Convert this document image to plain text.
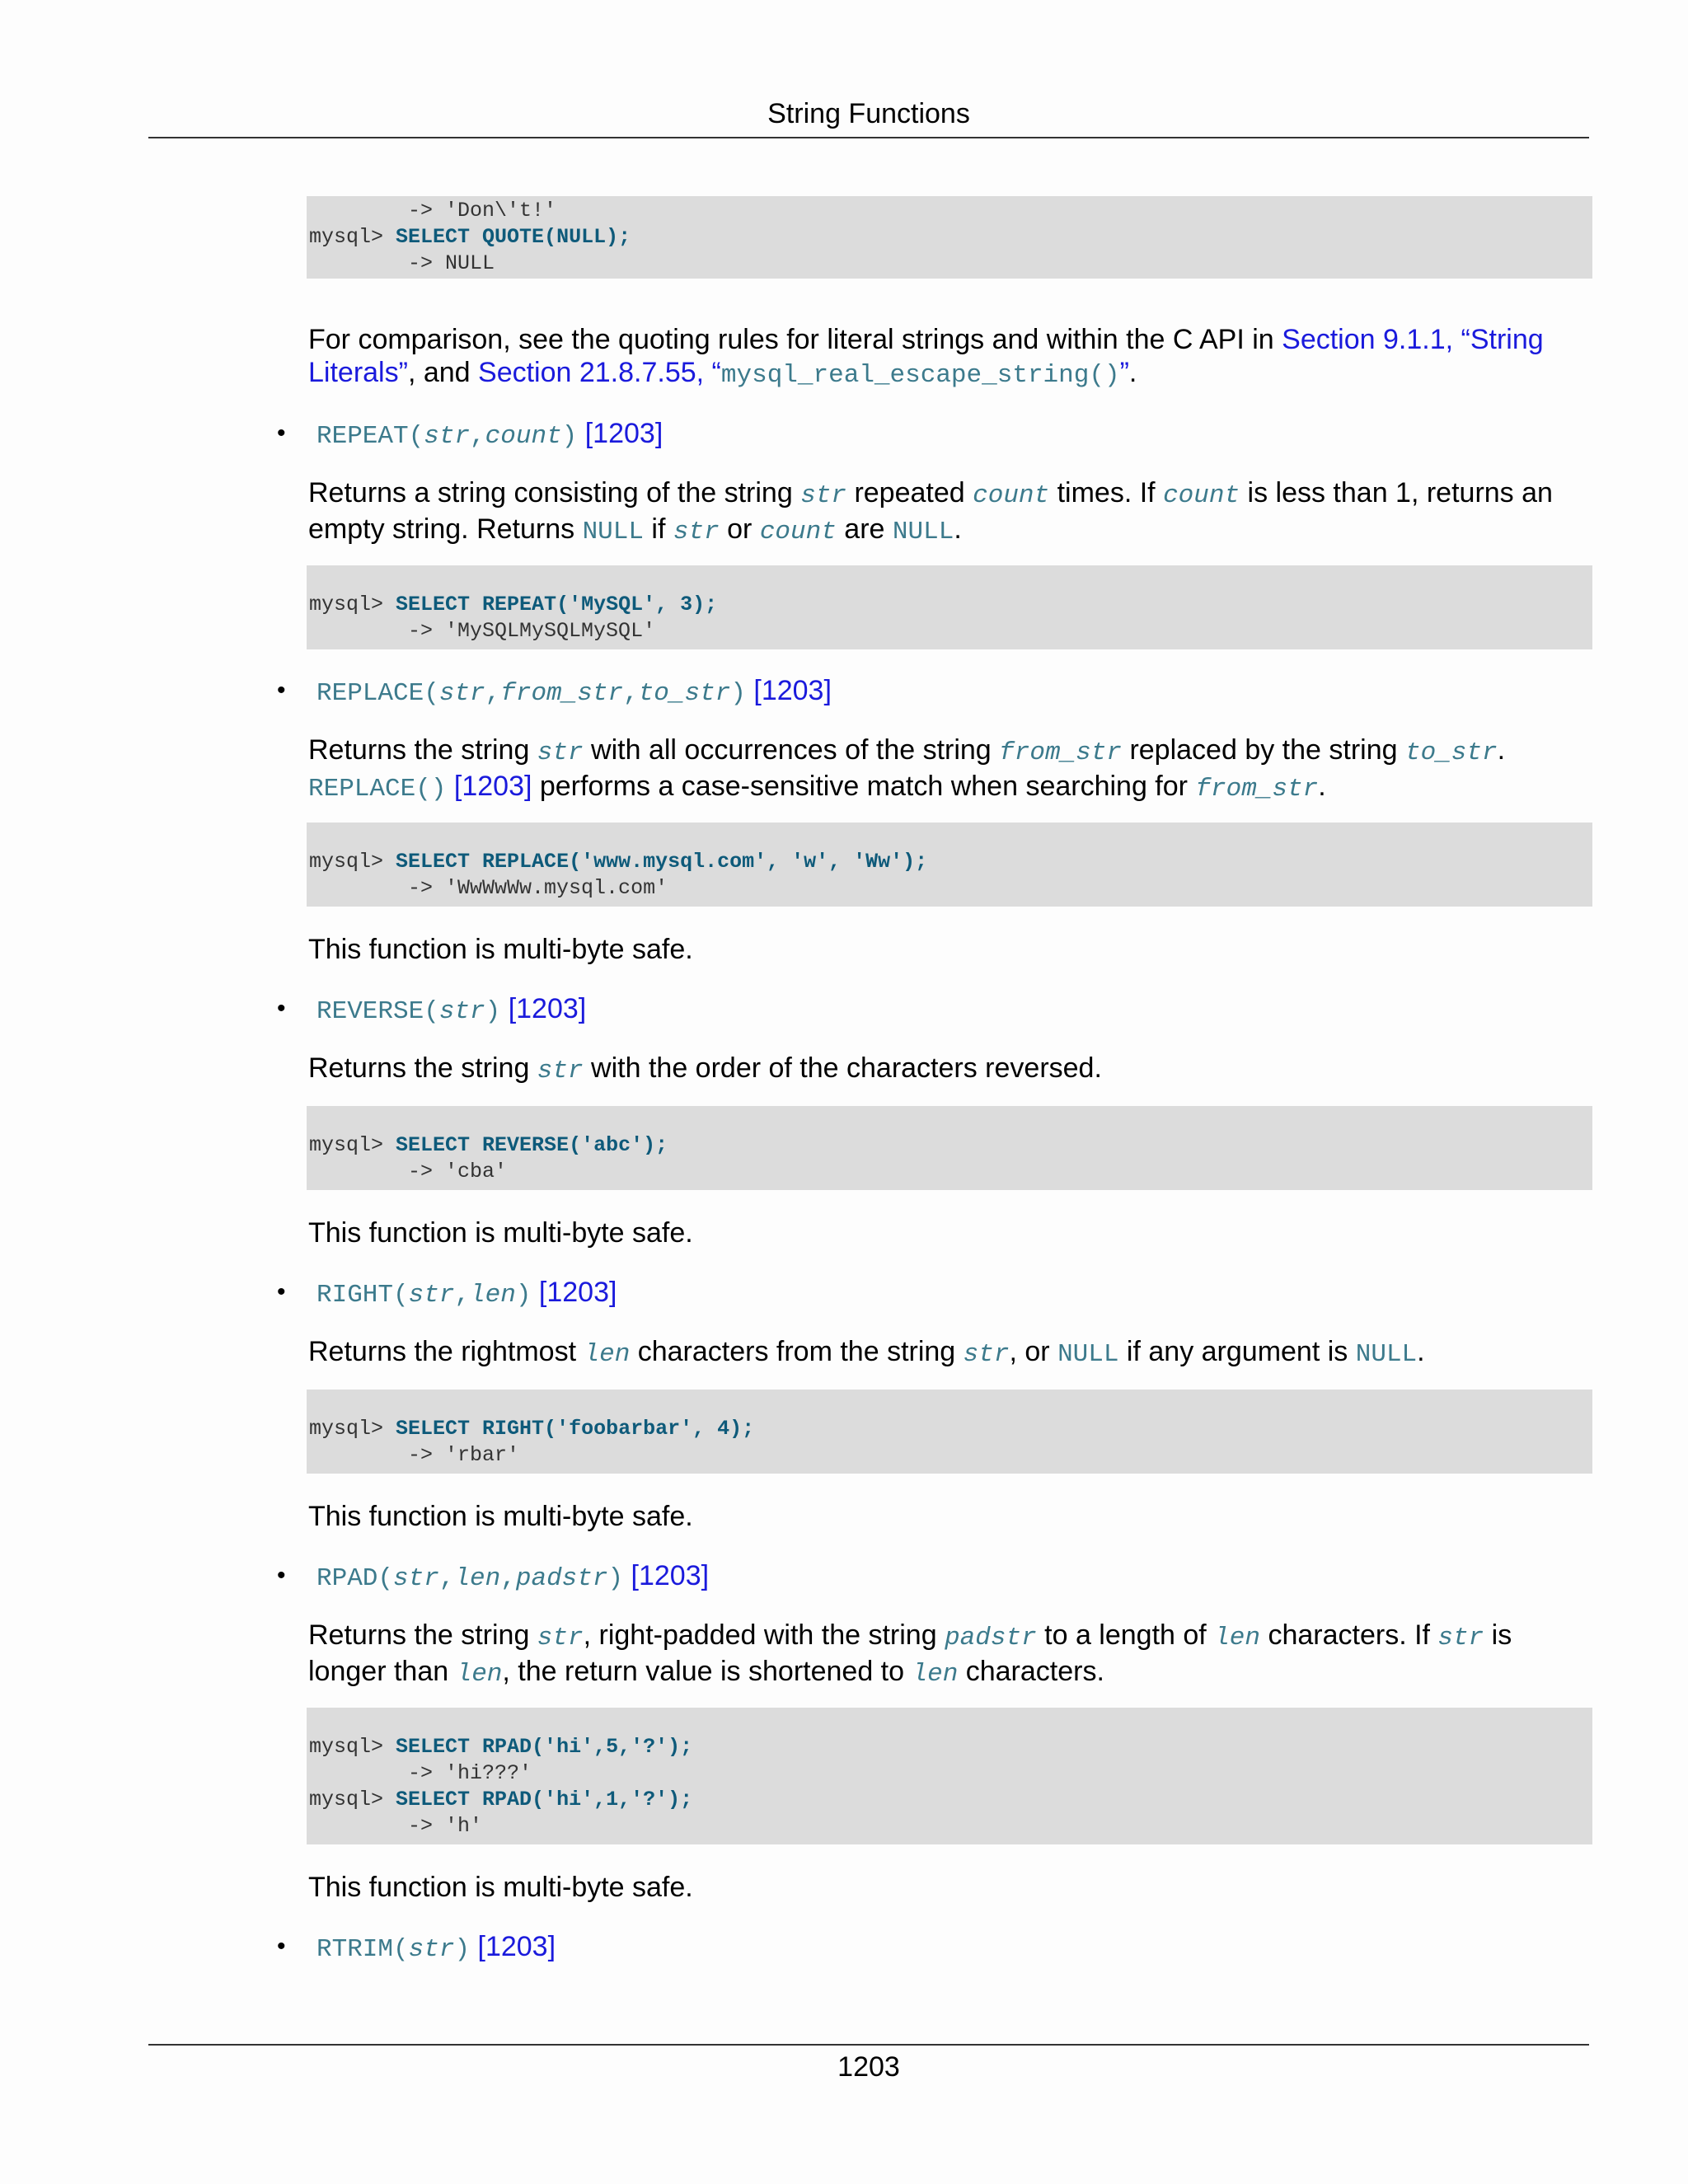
String Functions
-> 'Don\'t!'
mysql> SELECT QUOTE(NULL);
-> NULL
For comparison, see the quoting rules for literal strings and within the C API in Section 9.1.1, “String Literals”, and Section 21.8.7.55, “mysql_real_escape_string()”.
• REPEAT(str,count) [1203]
Returns a string consisting of the string str repeated count times. If count is less than 1, returns an empty string. Returns NULL if str or count are NULL.
mysql> SELECT REPEAT('MySQL', 3);
-> 'MySQLMySQLMySQL'
• REPLACE(str,from_str,to_str) [1203]
Returns the string str with all occurrences of the string from_str replaced by the string to_str.
REPLACE() [1203] performs a case-sensitive match when searching for from_str.
mysql> SELECT REPLACE('www.mysql.com', 'w', 'Ww');
-> 'WwWwWw.mysql.com'
This function is multi-byte safe.
• REVERSE(str) [1203]
Returns the string str with the order of the characters reversed.
mysql> SELECT REVERSE('abc');
-> 'cba'
This function is multi-byte safe.
• RIGHT(str,len) [1203]
Returns the rightmost len characters from the string str, or NULL if any argument is NULL.
mysql> SELECT RIGHT('foobarbar', 4);
-> 'rbar'
This function is multi-byte safe.
• RPAD(str,len,padstr) [1203]
Returns the string str, right-padded with the string padstr to a length of len characters. If str is longer than len, the return value is shortened to len characters.
mysql> SELECT RPAD('hi',5,'?');
-> 'hi???'
mysql> SELECT RPAD('hi',1,'?');
-> 'h'
This function is multi-byte safe.
• RTRIM(str) [1203]
1203
